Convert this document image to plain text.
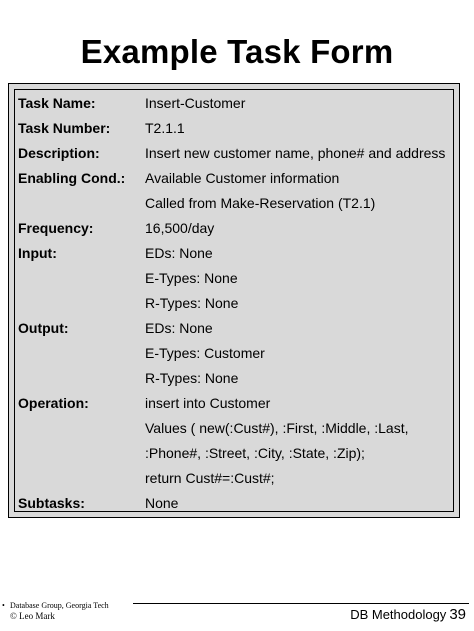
Example Task Form
Task Name:	Insert-Customer
Task Number: T2.1.1
Description:	Insert new customer name, phone# and address
Enabling Cond.: Available Customer information
Called from Make-Reservation (T2.1)
Frequency:	16,500/day
Input:	EDs: None
E-Types: None
R-Types: None
Output:	EDs: None
E-Types: Customer
R-Types: None
Operation:	insert into Customer
Values ( new(:Cust#), :First, :Middle, :Last,
:Phone#, :Street, :City, :State, :Zip);
return Cust#=:Cust#;
Subtasks:	None
• Database Group, Georgia Tech
© Leo Mark	DB Methodology 39
